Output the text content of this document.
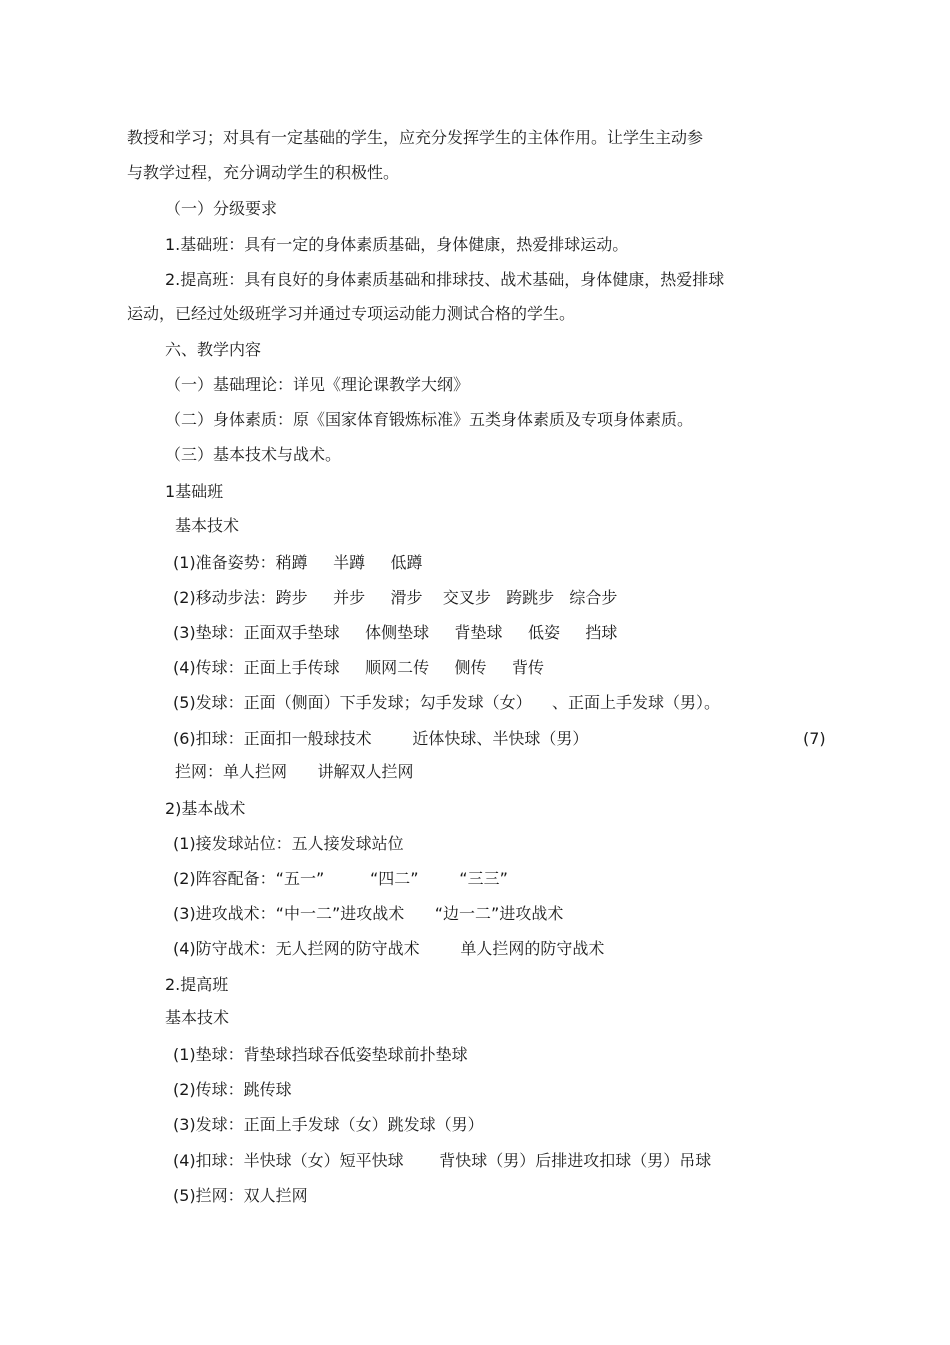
教授和学习；对具有一定基础的学生，应充分发挥学生的主体作用。让学生主动参
与教学过程，充分调动学生的积极性。
（一）分级要求
1.基础班：具有一定的身体素质基础，身体健康，热爱排球运动。
2.提高班：具有良好的身体素质基础和排球技、战术基础，身体健康，热爱排球
运动，已经过处级班学习并通过专项运动能力测试合格的学生。
六、教学内容
（一）基础理论：详见《理论课教学大纲》
（二）身体素质：原《国家体育锻炼标准》五类身体素质及专项身体素质。
（三）基本技术与战术。
1基础班
基本技术
(1)准备姿势：稍蹲     半蹲     低蹲
(2)移动步法：跨步     并步     滑步    交叉步   跨跳步   综合步
(3)垫球：正面双手垫球     体侧垫球     背垫球     低姿     挡球
(4)传球：正面上手传球     顺网二传     侧传     背传
(5)发球：正面（侧面）下手发球；勾手发球（女）    、正面上手发球（男）。
(6)扣球：正面扣一般球技术        近体快球、半快球（男）	(7)
拦网：单人拦网      讲解双人拦网
2)基本战术
(1)接发球站位：五人接发球站位
(2)阵容配备：“五一”         “四二”        “三三”
(3)进攻战术：“中一二”进攻战术      “边一二”进攻战术
(4)防守战术：无人拦网的防守战术        单人拦网的防守战术
2.提高班
基本技术
(1)垫球：背垫球挡球吞低姿垫球前扑垫球
(2)传球：跳传球
(3)发球：正面上手发球（女）跳发球（男）
(4)扣球：半快球（女）短平快球       背快球（男）后排进攻扣球（男）吊球
(5)拦网：双人拦网
